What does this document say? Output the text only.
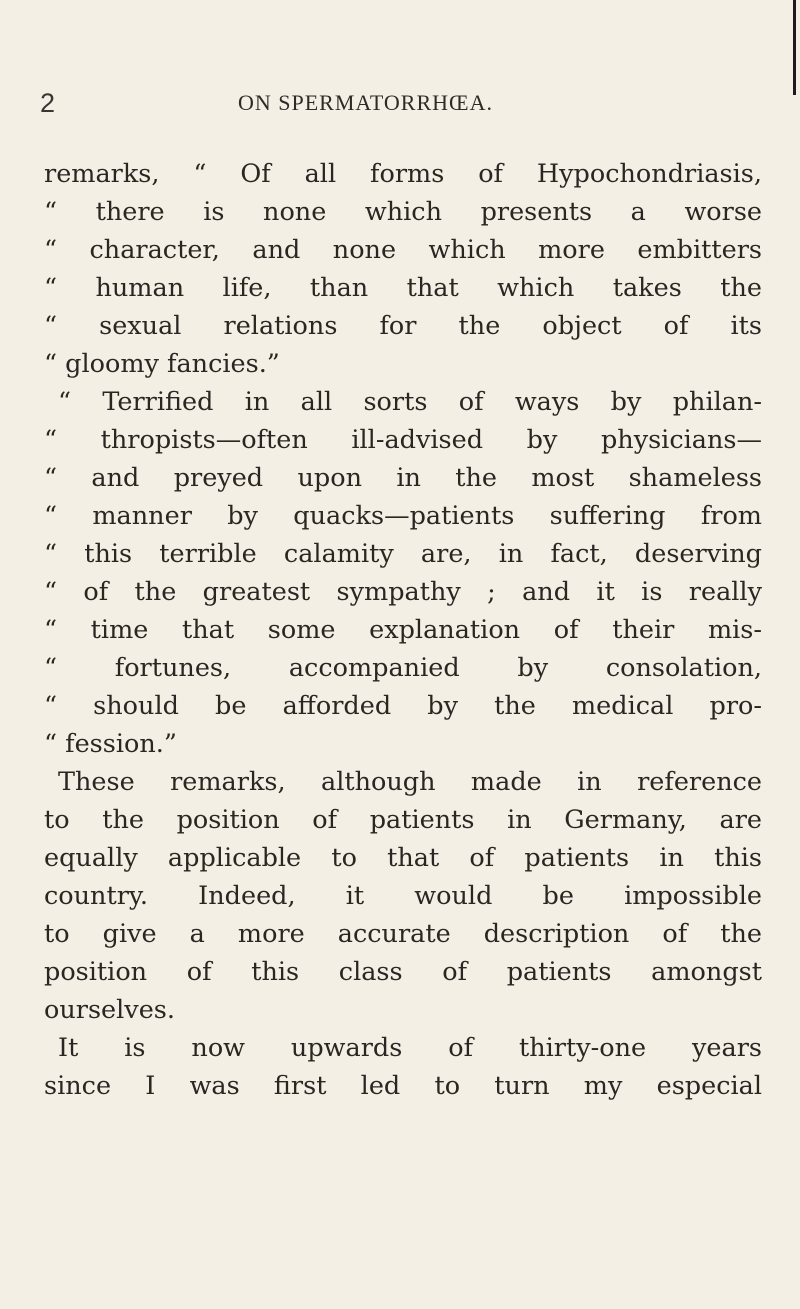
2	ON SPERMATORRHŒA.
remarks, “ Of all forms of Hypochondriasis,
“ there is none which presents a worse
“ character, and none which more embitters
“ human life, than that which takes the
“ sexual relations for the object of its
“ gloomy fancies.”
“ Terrified in all sorts of ways by philan-
“ thropists—often ill-advised by physicians—
“ and preyed upon in the most shameless
“ manner by quacks—patients suffering from
“ this terrible calamity are, in fact, deserving
“ of the greatest sympathy ; and it is really
“ time that some explanation of their mis-
“ fortunes, accompanied by consolation,
“ should be afforded by the medical pro-
“ fession.”
These remarks, although made in reference
to the position of patients in Germany, are
equally applicable to that of patients in this
country. Indeed, it would be impossible
to give a more accurate description of the
position of this class of patients amongst
ourselves.
It is now upwards of thirty-one years
since I was first led to turn my especial
